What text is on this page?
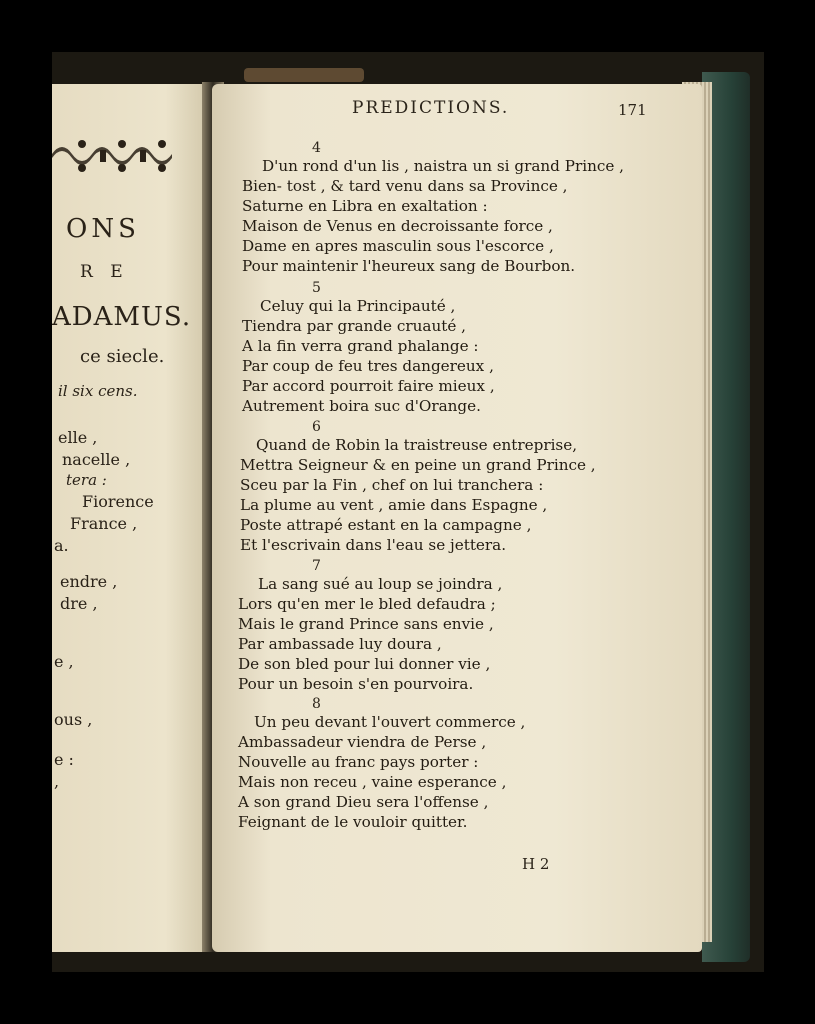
ONS
R E
ADAMUS.
ce siecle.
il six cens.
elle ,
nacelle ,
tera :
Fiorence
France ,
a.
endre ,
dre ,
e ,
ous ,
e :
,
PREDICTIONS.	171
4
D'un rond d'un lis , naistra un si grand Prince ,
Bien- tost , & tard venu dans sa Province ,
Saturne en Libra en exaltation :
Maison de Venus en decroissante force ,
Dame en apres masculin sous l'escorce ,
Pour maintenir l'heureux sang de Bourbon.
5
Celuy qui la Principauté ,
Tiendra par grande cruauté ,
A la fin verra grand phalange :
Par coup de feu tres dangereux ,
Par accord pourroit faire mieux ,
Autrement boira suc d'Orange.
6
Quand de Robin la traistreuse entreprise,
Mettra Seigneur & en peine un grand Prince ,
Sceu par la Fin , chef on lui tranchera :
La plume au vent , amie dans Espagne ,
Poste attrapé estant en la campagne ,
Et l'escrivain dans l'eau se jettera.
7
La sang sué au loup se joindra ,
Lors qu'en mer le bled defaudra ;
Mais le grand Prince sans envie ,
Par ambassade luy doura ,
De son bled pour lui donner vie ,
Pour un besoin s'en pourvoira.
8
Un peu devant l'ouvert commerce ,
Ambassadeur viendra de Perse ,
Nouvelle au franc pays porter :
Mais non receu , vaine esperance ,
A son grand Dieu sera l'offense ,
Feignant de le vouloir quitter.
H 2
